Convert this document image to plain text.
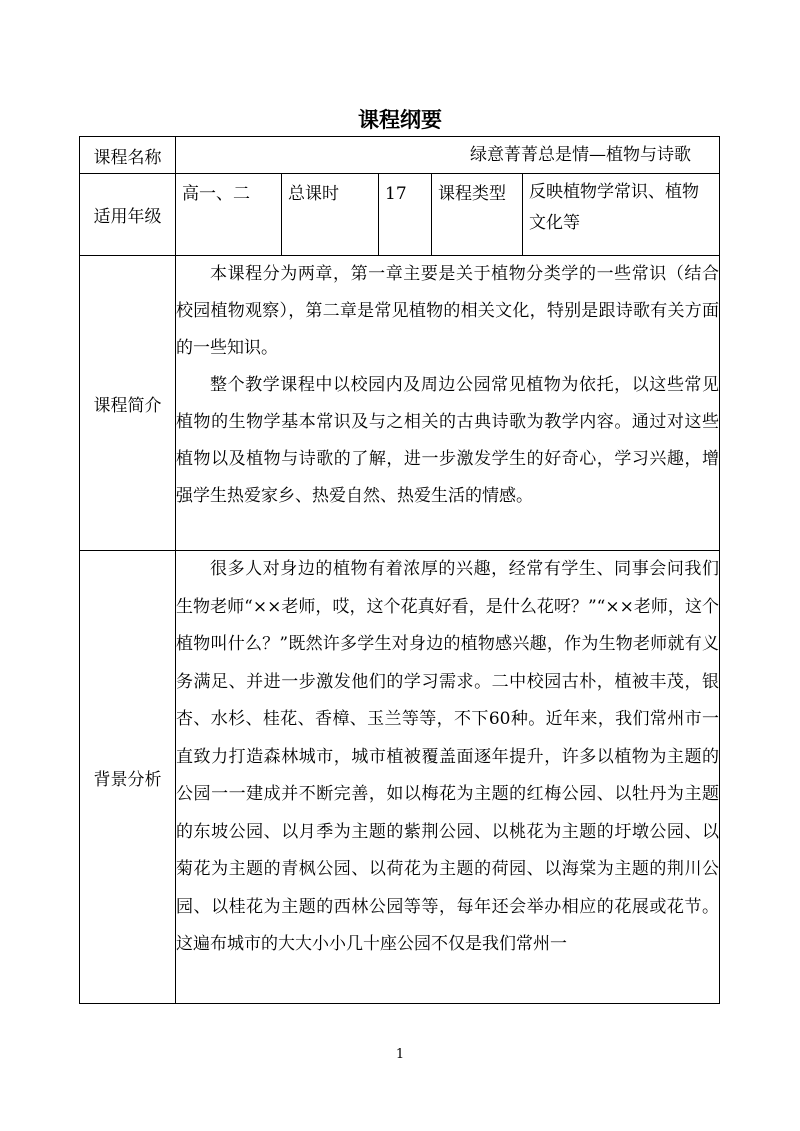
课程纲要
课程名称	绿意菁菁总是情—植物与诗歌				
适用年级	高一、二	总课时	17	课程类型	反映植物学常识、植物文化等
课程简介	本课程分为两章，第一章主要是关于植物分类学的一些常识（结合校园植物观察），第二章是常见植物的相关文化，特别是跟诗歌有关方面的一些知识。

整个教学课程中以校园内及周边公园常见植物为依托，以这些常见植物的生物学基本常识及与之相关的古典诗歌为教学内容。通过对这些植物以及植物与诗歌的了解，进一步激发学生的好奇心，学习兴趣，增强学生热爱家乡、热爱自然、热爱生活的情感。				

背景分析	很多人对身边的植物有着浓厚的兴趣，经常有学生、同事会问我们生物老师“××老师，哎，这个花真好看，是什么花呀？”“××老师，这个植物叫什么？”既然许多学生对身边的植物感兴趣，作为生物老师就有义务满足、并进一步激发他们的学习需求。二中校园古朴，植被丰茂，银杏、水杉、桂花、香樟、玉兰等等，不下60种。近年来，我们常州市一直致力打造森林城市，城市植被覆盖面逐年提升，许多以植物为主题的公园一一建成并不断完善，如以梅花为主题的红梅公园、以牡丹为主题的东坡公园、以月季为主题的紫荆公园、以桃花为主题的圩墩公园、以菊花为主题的青枫公园、以荷花为主题的荷园、以海棠为主题的荆川公园、以桂花为主题的西林公园等等，每年还会举办相应的花展或花节。这遍布城市的大大小小几十座公园不仅是我们常州一				

1
